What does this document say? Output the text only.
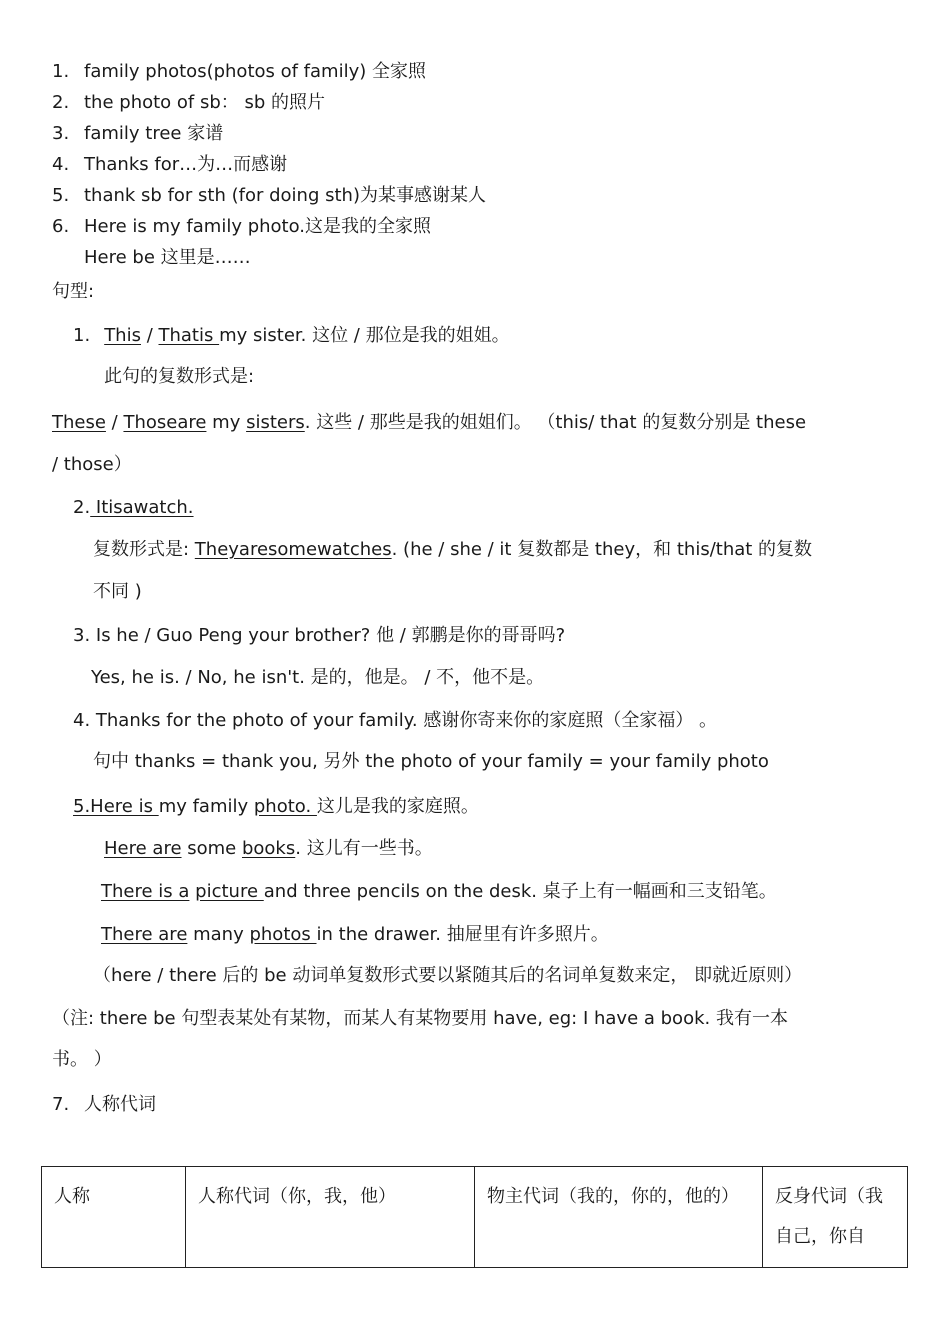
1. family photos(photos of family) 全家照
2. the photo of sb： sb 的照片
3. family tree 家谱
4. Thanks for…为…而感谢
5. thank sb for sth (for doing sth)为某事感谢某人
6. Here is my family photo.这是我的全家照
Here be 这里是……
句型:
1. This / Thatis my sister. 这位 / 那位是我的姐姐。
此句的复数形式是:
These / Thoseare my sisters. 这些 / 那些是我的姐姐们。 （this/ that 的复数分别是 these
/ those）
2. Itisawatch.
复数形式是: Theyaresomewatches. (he / she / it 复数都是 they，和 this/that 的复数
不同 )
3. Is he / Guo Peng your brother? 他 / 郭鹏是你的哥哥吗?
Yes, he is. / No, he isn't. 是的，他是。 / 不，他不是。
4. Thanks for the photo of your family. 感谢你寄来你的家庭照（全家福） 。
句中 thanks = thank you, 另外 the photo of your family = your family photo
5.Here is my family photo. 这儿是我的家庭照。
Here are some books. 这儿有一些书。
There is a picture and three pencils on the desk. 桌子上有一幅画和三支铅笔。
There are many photos in the drawer. 抽屉里有许多照片。
（here / there 后的 be 动词单复数形式要以紧随其后的名词单复数来定， 即就近原则）
（注: there be 句型表某处有某物，而某人有某物要用 have, eg: I have a book. 我有一本
书。 ）
7. 人称代词
人称	人称代词（你，我，他）	物主代词（我的，你的，他的）	反身代词（我自己，你自
